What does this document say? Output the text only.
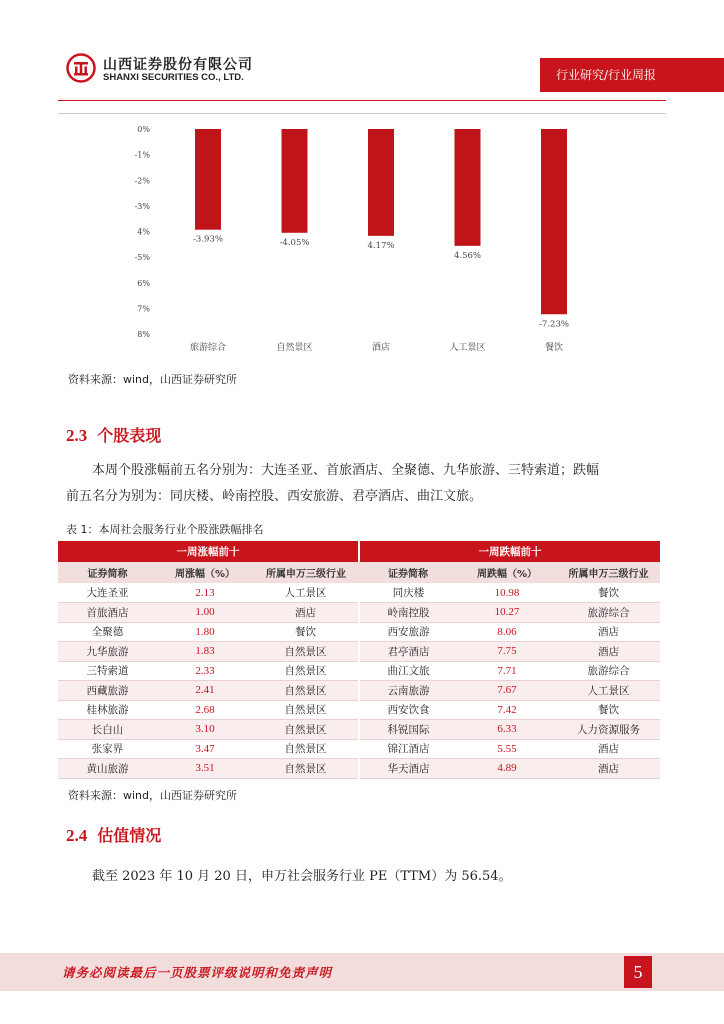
山西证券股份有限公司
SHANXI SECURITIES CO., LTD.	行业研究/行业周报
0%
-1%
-2%
-3%
4%
-5%
6%
7%
8%
-3.93%
旅游综合
-4.05%
自然景区
4.17%
酒店
4.56%
人工景区
-7.23%
餐饮
资料来源：wind，山西证券研究所
2.3 个股表现
本周个股涨幅前五名分别为：大连圣亚、首旅酒店、全聚德、九华旅游、三特索道；跌幅
前五名分为别为：同庆楼、岭南控股、西安旅游、君亭酒店、曲江文旅。
表 1：本周社会服务行业个股涨跌幅排名
一周涨幅前十			一周跌幅前十		
证券简称	周涨幅（%）	所属申万三级行业	证券简称	周跌幅（%）	所属申万三级行业
大连圣亚	2.13	人工景区	同庆楼	10.98	餐饮
首旅酒店	1.00	酒店	岭南控股	10.27	旅游综合
全聚德	1.80	餐饮	西安旅游	8.06	酒店
九华旅游	1.83	自然景区	君亭酒店	7.75	酒店
三特索道	2.33	自然景区	曲江文旅	7.71	旅游综合
西藏旅游	2.41	自然景区	云南旅游	7.67	人工景区
桂林旅游	2.68	自然景区	西安饮食	7.42	餐饮
长白山	3.10	自然景区	科锐国际	6.33	人力资源服务
张家界	3.47	自然景区	锦江酒店	5.55	酒店
黄山旅游	3.51	自然景区	华天酒店	4.89	酒店
资料来源：wind，山西证券研究所
2.4 估值情况
截至 2023 年 10 月 20 日，申万社会服务行业 PE（TTM）为 56.54。
请务必阅读最后一页股票评级说明和免责声明	5
